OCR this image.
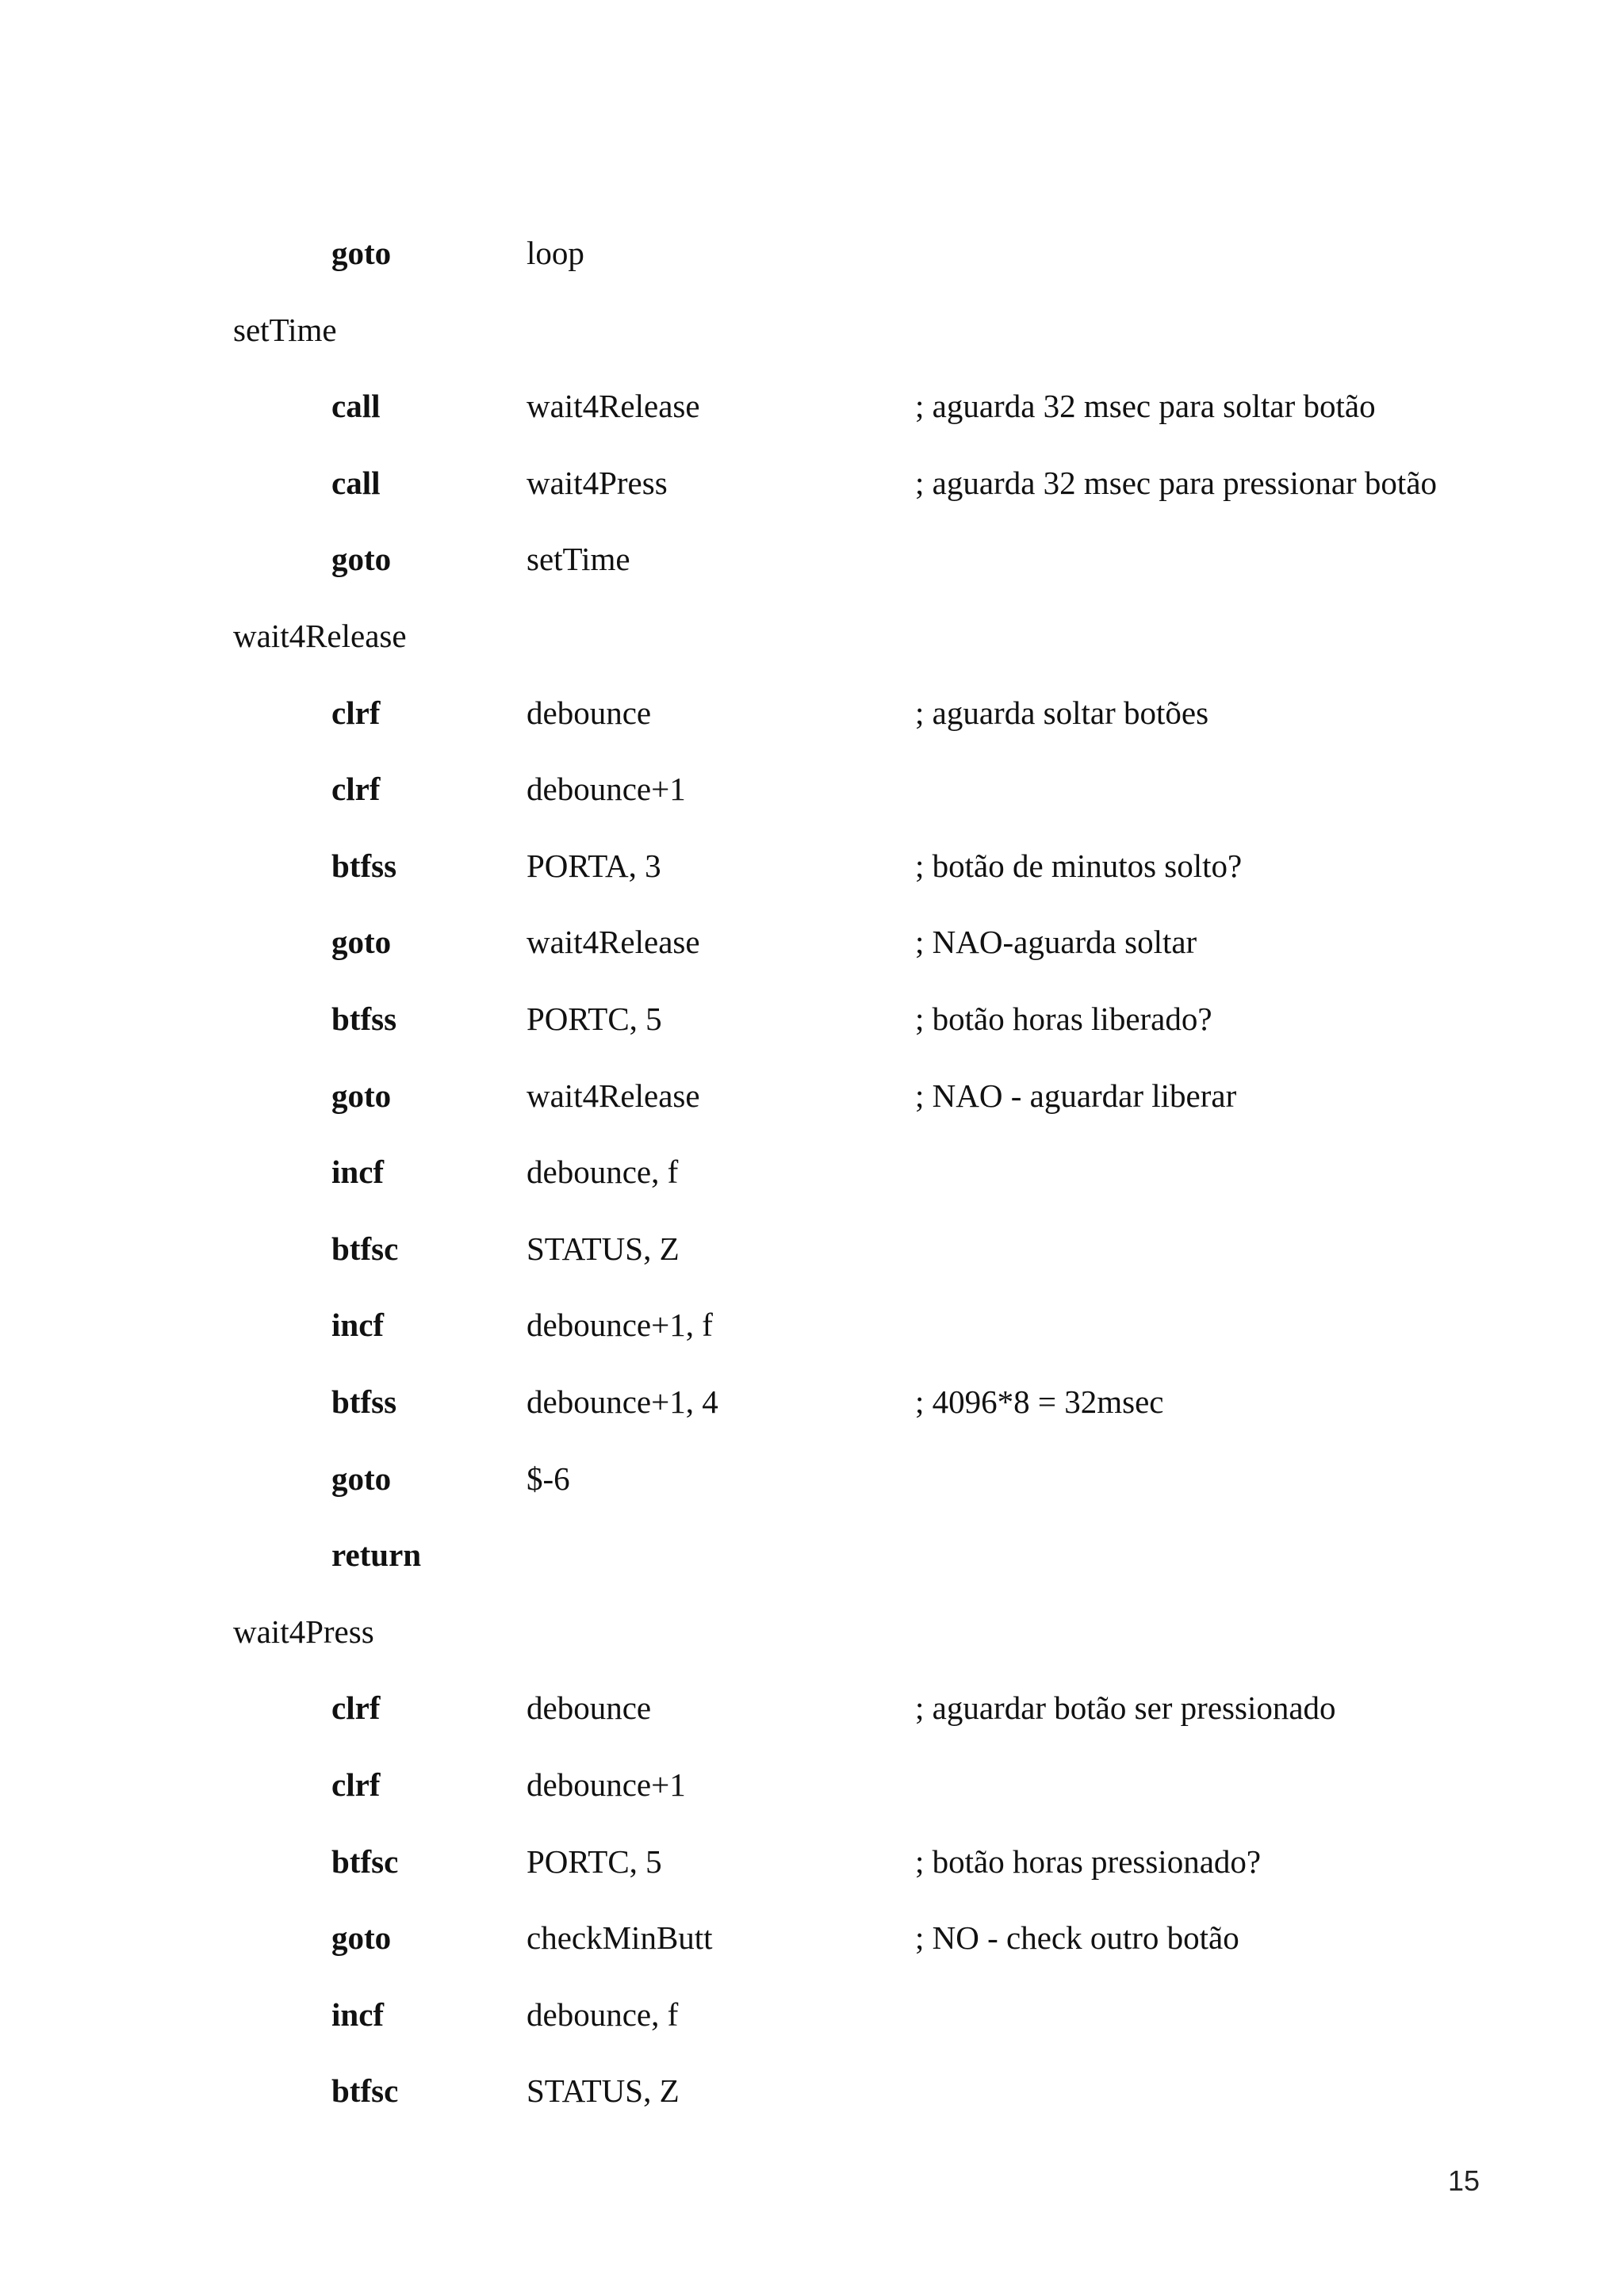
goto	loop
setTime
call	wait4Release	; aguarda 32 msec para soltar botão
call	wait4Press	; aguarda 32 msec para pressionar botão
goto	setTime
wait4Release
clrf	debounce	; aguarda soltar botões
clrf	debounce+1
btfss	PORTA, 3	; botão de minutos solto?
goto	wait4Release	; NAO-aguarda soltar
btfss	PORTC, 5	; botão horas liberado?
goto	wait4Release	; NAO - aguardar liberar
incf	debounce, f
btfsc	STATUS, Z
incf	debounce+1, f
btfss	debounce+1, 4	; 4096*8 = 32msec
goto	$-6
return
wait4Press
clrf	debounce	; aguardar botão ser pressionado
clrf	debounce+1
btfsc	PORTC, 5	; botão horas pressionado?
goto	checkMinButt	; NO - check outro botão
incf	debounce, f
btfsc	STATUS, Z
15
